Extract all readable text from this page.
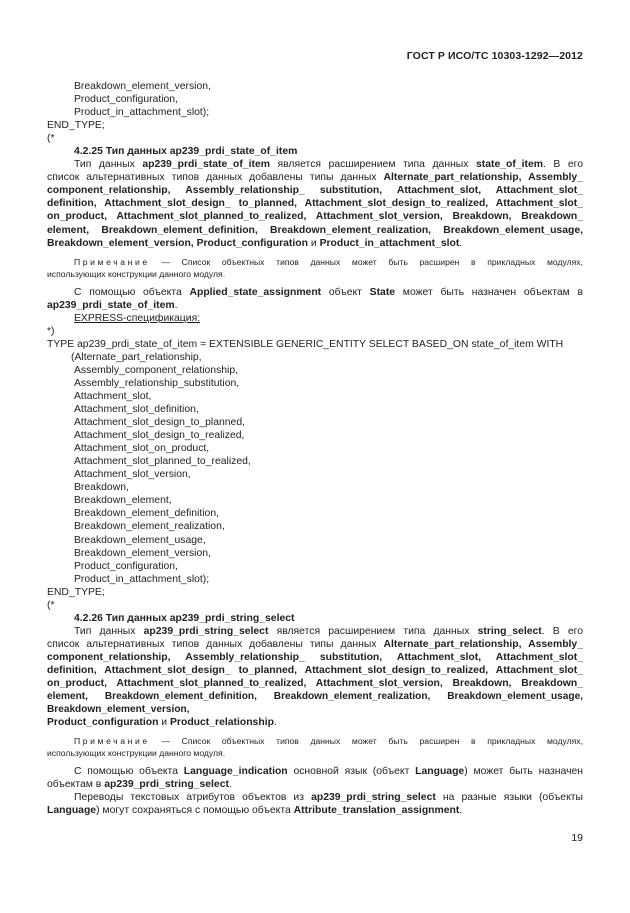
ГОСТ Р ИСО/ТС 10303-1292—2012
Breakdown_element_version,
Product_configuration,
Product_in_attachment_slot);
END_TYPE;
(*
4.2.25 Тип данных ap239_prdi_state_of_item
Тип данных ap239_prdi_state_of_item является расширением типа данных state_of_item. В его
список альтернативных типов данных добавлены типы данных Alternate_part_relationship, Assembly_
component_relationship, Assembly_relationship_ substitution, Attachment_slot, Attachment_slot_
definition, Attachment_slot_design_ to_planned, Attachment_slot_design_to_realized, Attachment_slot_
on_product, Attachment_slot_planned_to_realized, Attachment_slot_version, Breakdown, Breakdown_
element, Breakdown_element_definition, Breakdown_element_realization, Breakdown_element_usage,
Breakdown_element_version, Product_configuration и Product_in_attachment_slot.
Примечание — Список объектных типов данных может быть расширен в прикладных модулях,
использующих конструкции данного модуля.
С помощью объекта Applied_state_assignment объект State может быть назначен объектам в
ap239_prdi_state_of_item.
EXPRESS-спецификация:
*)
TYPE ap239_prdi_state_of_item = EXTENSIBLE GENERIC_ENTITY SELECT BASED_ON state_of_item WITH
(Alternate_part_relationship,
Assembly_component_relationship,
Assembly_relationship_substitution,
Attachment_slot,
Attachment_slot_definition,
Attachment_slot_design_to_planned,
Attachment_slot_design_to_realized,
Attachment_slot_on_product,
Attachment_slot_planned_to_realized,
Attachment_slot_version,
Breakdown,
Breakdown_element,
Breakdown_element_definition,
Breakdown_element_realization,
Breakdown_element_usage,
Breakdown_element_version,
Product_configuration,
Product_in_attachment_slot);
END_TYPE;
(*
4.2.26 Тип данных ap239_prdi_string_select
Тип данных ap239_prdi_string_select является расширением типа данных string_select. В его
список альтернативных типов данных добавлены типы данных Alternate_part_relationship, Assembly_
component_relationship, Assembly_relationship_ substitution, Attachment_slot, Attachment_slot_
definition, Attachment_slot_design_ to_planned, Attachment_slot_design_to_realized, Attachment_slot_
on_product, Attachment_slot_planned_to_realized, Attachment_slot_version, Breakdown, Breakdown_
element, Breakdown_element_definition, Breakdown_element_realization, Breakdown_element_usage, Breakdown_element_version,
Product_configuration и Product_relationship.
Примечание — Список объектных типов данных может быть расширен в прикладных модулях,
использующих конструкции данного модуля.
С помощью объекта Language_indication основной язык (объект Language) может быть назначен
объектам в ap239_prdi_string_select.
Переводы текстовых атрибутов объектов из ap239_prdi_string_select на разные языки (объекты
Language) могут сохраняться с помощью объекта Attribute_translation_assignment.
19
